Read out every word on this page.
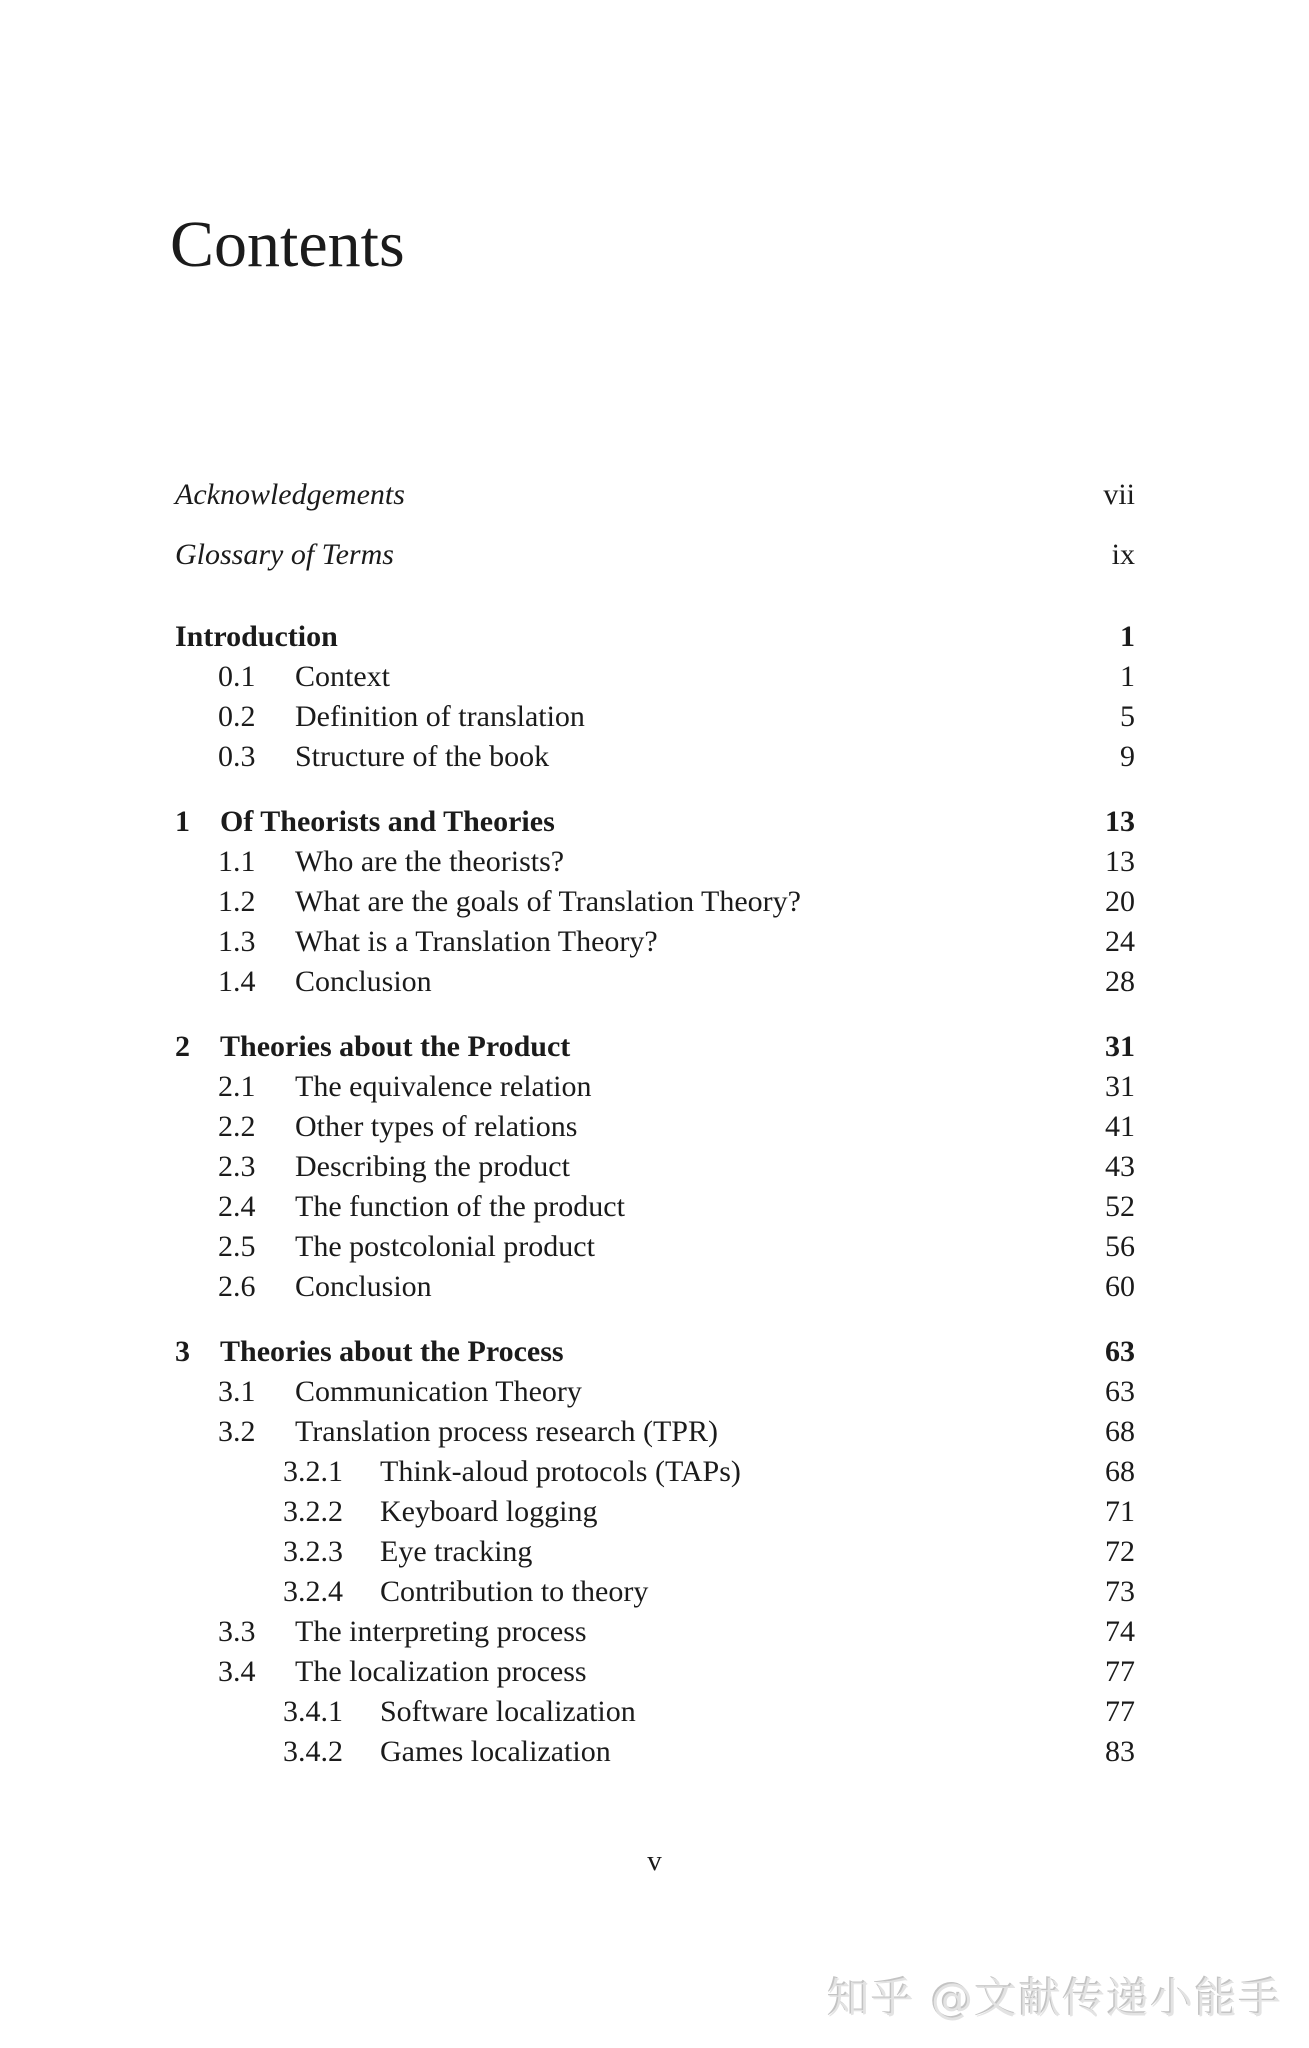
Contents
Acknowledgements	vii
Glossary of Terms	ix
Introduction	1
0.1	Context	1
0.2	Definition of translation	5
0.3	Structure of the book	9
1	Of Theorists and Theories	13
1.1	Who are the theorists?	13
1.2	What are the goals of Translation Theory?	20
1.3	What is a Translation Theory?	24
1.4	Conclusion	28
2	Theories about the Product	31
2.1	The equivalence relation	31
2.2	Other types of relations	41
2.3	Describing the product	43
2.4	The function of the product	52
2.5	The postcolonial product	56
2.6	Conclusion	60
3	Theories about the Process	63
3.1	Communication Theory	63
3.2	Translation process research (TPR)	68
3.2.1	Think-aloud protocols (TAPs)	68
3.2.2	Keyboard logging	71
3.2.3	Eye tracking	72
3.2.4	Contribution to theory	73
3.3	The interpreting process	74
3.4	The localization process	77
3.4.1	Software localization	77
3.4.2	Games localization	83
v
知乎 @文献传递小能手
